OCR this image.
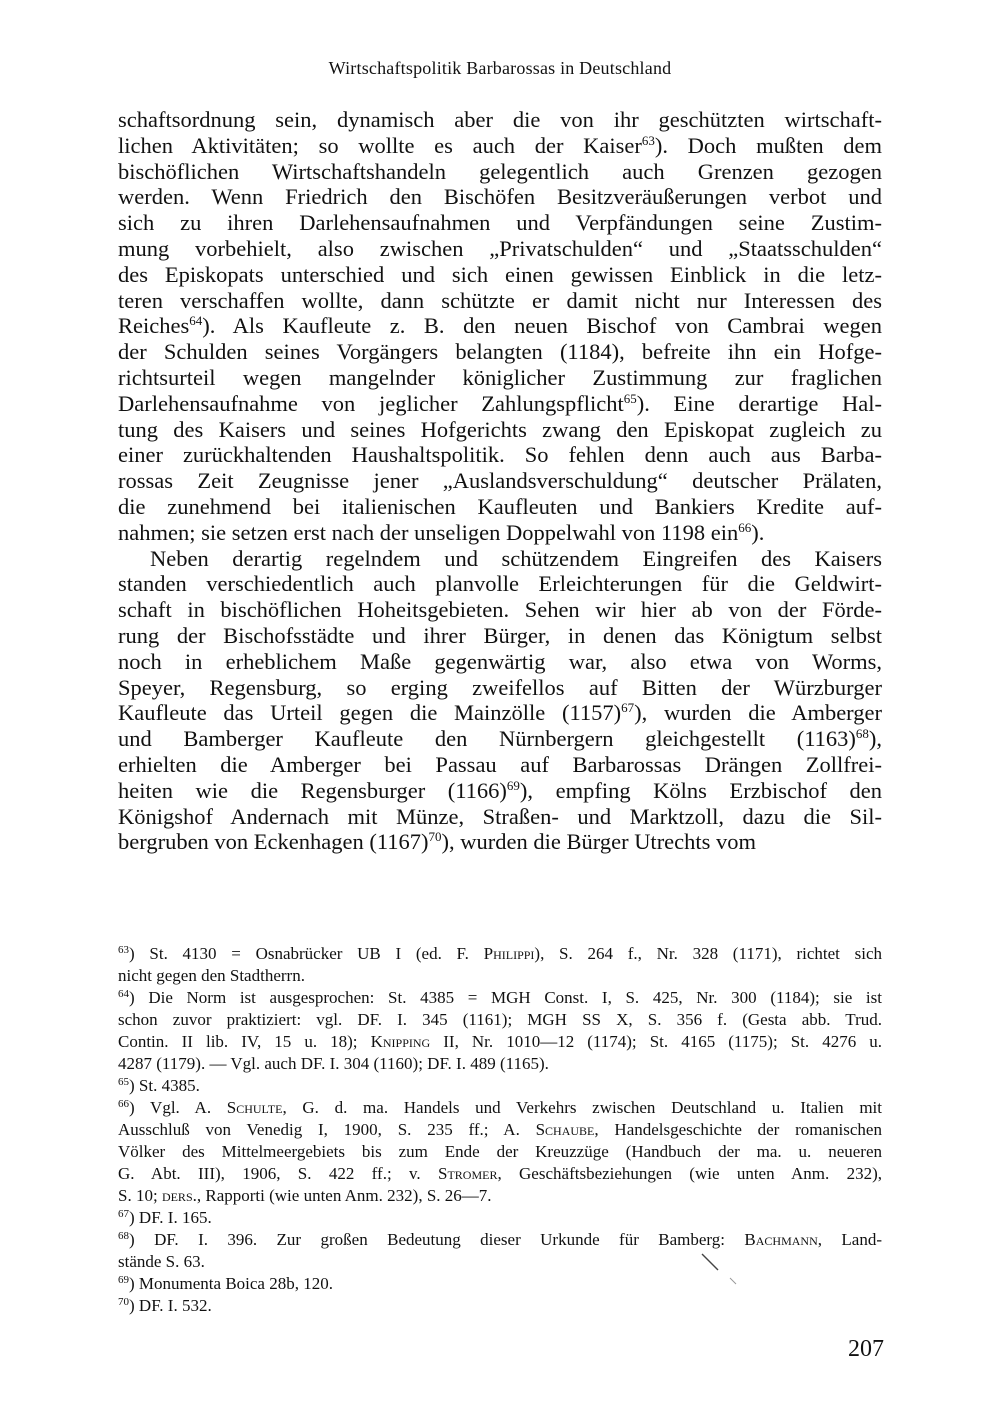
Wirtschaftspolitik Barbarossas in Deutschland
schaftsordnung sein, dynamisch aber die von ihr geschützten wirtschaft-
lichen Aktivitäten; so wollte es auch der Kaiser$^{63}$). Doch mußten dem
bischöflichen Wirtschaftshandeln gelegentlich auch Grenzen gezogen
werden. Wenn Friedrich den Bischöfen Besitzveräußerungen verbot und
sich zu ihren Darlehensaufnahmen und Verpfändungen seine Zustim-
mung vorbehielt, also zwischen „Privatschulden“ und „Staatsschulden“
des Episkopats unterschied und sich einen gewissen Einblick in die letz-
teren verschaffen wollte, dann schützte er damit nicht nur Interessen des
Reiches$^{64}$). Als Kaufleute z. B. den neuen Bischof von Cambrai wegen
der Schulden seines Vorgängers belangten (1184), befreite ihn ein Hofge-
richtsurteil wegen mangelnder königlicher Zustimmung zur fraglichen
Darlehensaufnahme von jeglicher Zahlungspflicht$^{65}$). Eine derartige Hal-
tung des Kaisers und seines Hofgerichts zwang den Episkopat zugleich zu
einer zurückhaltenden Haushaltspolitik. So fehlen denn auch aus Barba-
rossas Zeit Zeugnisse jener „Auslandsverschuldung“ deutscher Prälaten,
die zunehmend bei italienischen Kaufleuten und Bankiers Kredite auf-
nahmen; sie setzen erst nach der unseligen Doppelwahl von 1198 ein$^{66}$).
Neben derartig regelndem und schützendem Eingreifen des Kaisers
standen verschiedentlich auch planvolle Erleichterungen für die Geldwirt-
schaft in bischöflichen Hoheitsgebieten. Sehen wir hier ab von der Förde-
rung der Bischofsstädte und ihrer Bürger, in denen das Königtum selbst
noch in erheblichem Maße gegenwärtig war, also etwa von Worms,
Speyer, Regensburg, so erging zweifellos auf Bitten der Würzburger
Kaufleute das Urteil gegen die Mainzölle (1157)$^{67}$), wurden die Amberger
und Bamberger Kaufleute den Nürnbergern gleichgestellt (1163)$^{68}$),
erhielten die Amberger bei Passau auf Barbarossas Drängen Zollfrei-
heiten wie die Regensburger (1166)$^{69}$), empfing Kölns Erzbischof den
Königshof Andernach mit Münze, Straßen- und Marktzoll, dazu die Sil-
bergruben von Eckenhagen (1167)$^{70}$), wurden die Bürger Utrechts vom
$^{63}$) St. 4130 = Osnabrücker UB I (ed. F. Philippi), S. 264 f., Nr. 328 (1171), richtet sich
nicht gegen den Stadtherrn.
$^{64}$) Die Norm ist ausgesprochen: St. 4385 = MGH Const. I, S. 425, Nr. 300 (1184); sie ist
schon zuvor praktiziert: vgl. DF. I. 345 (1161); MGH SS X, S. 356 f. (Gesta abb. Trud.
Contin. II lib. IV, 15 u. 18); Knipping II, Nr. 1010—12 (1174); St. 4165 (1175); St. 4276 u.
4287 (1179). — Vgl. auch DF. I. 304 (1160); DF. I. 489 (1165).
$^{65}$) St. 4385.
$^{66}$) Vgl. A. Schulte, G. d. ma. Handels und Verkehrs zwischen Deutschland u. Italien mit
Ausschluß von Venedig I, 1900, S. 235 ff.; A. Schaube, Handelsgeschichte der romanischen
Völker des Mittelmeergebiets bis zum Ende der Kreuzzüge (Handbuch der ma. u. neueren
G. Abt. III), 1906, S. 422 ff.; v. Stromer, Geschäftsbeziehungen (wie unten Anm. 232),
S. 10; ders., Rapporti (wie unten Anm. 232), S. 26—7.
$^{67}$) DF. I. 165.
$^{68}$) DF. I. 396. Zur großen Bedeutung dieser Urkunde für Bamberg: Bachmann, Land-
stände S. 63.
$^{69}$) Monumenta Boica 28b, 120.
$^{70}$) DF. I. 532.
207
